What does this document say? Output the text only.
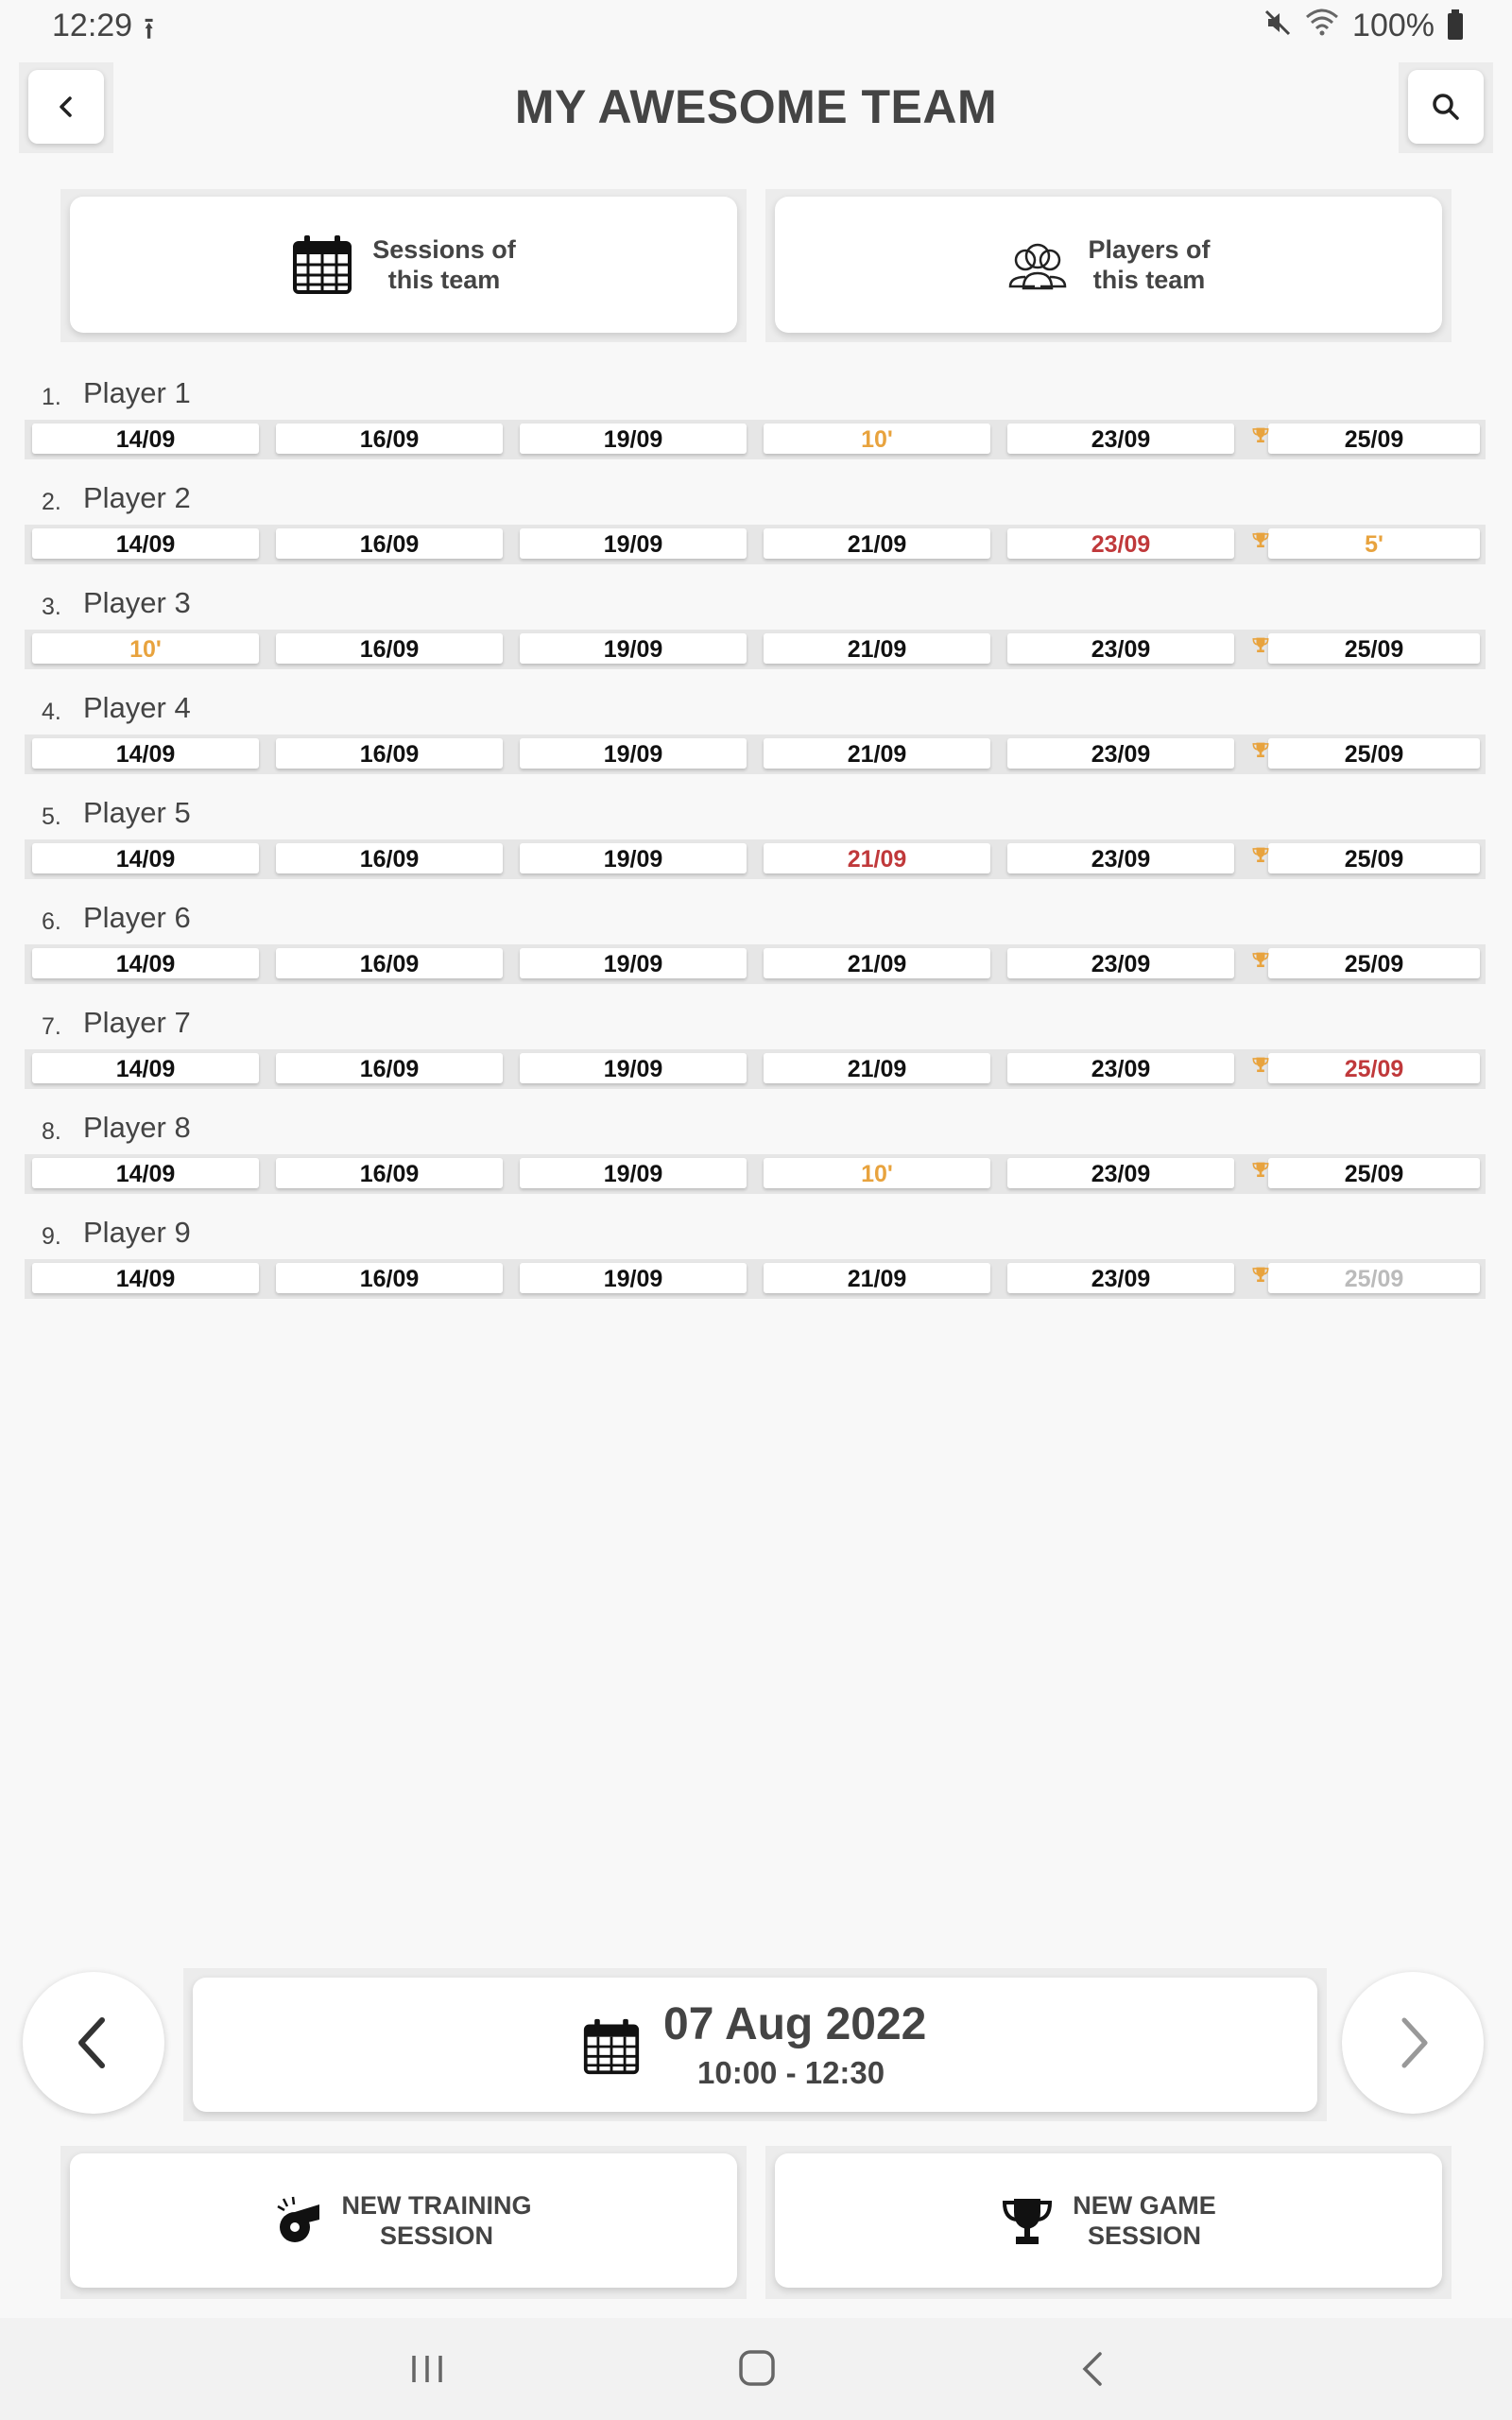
12:29 ⭱	100%
MY AWESOME TEAM
Sessions of
this team
Players of
this team
1. Player 1
14/09	16/09	19/09	10'	23/09	25/09
2. Player 2
14/09	16/09	19/09	21/09	23/09	5'
3. Player 3
10'	16/09	19/09	21/09	23/09	25/09
4. Player 4
14/09	16/09	19/09	21/09	23/09	25/09
5. Player 5
14/09	16/09	19/09	21/09	23/09	25/09
6. Player 6
14/09	16/09	19/09	21/09	23/09	25/09
7. Player 7
14/09	16/09	19/09	21/09	23/09	25/09
8. Player 8
14/09	16/09	19/09	10'	23/09	25/09
9. Player 9
14/09	16/09	19/09	21/09	23/09	25/09
07 Aug 2022
10:00 - 12:30
NEW TRAINING
SESSION
NEW GAME
SESSION
